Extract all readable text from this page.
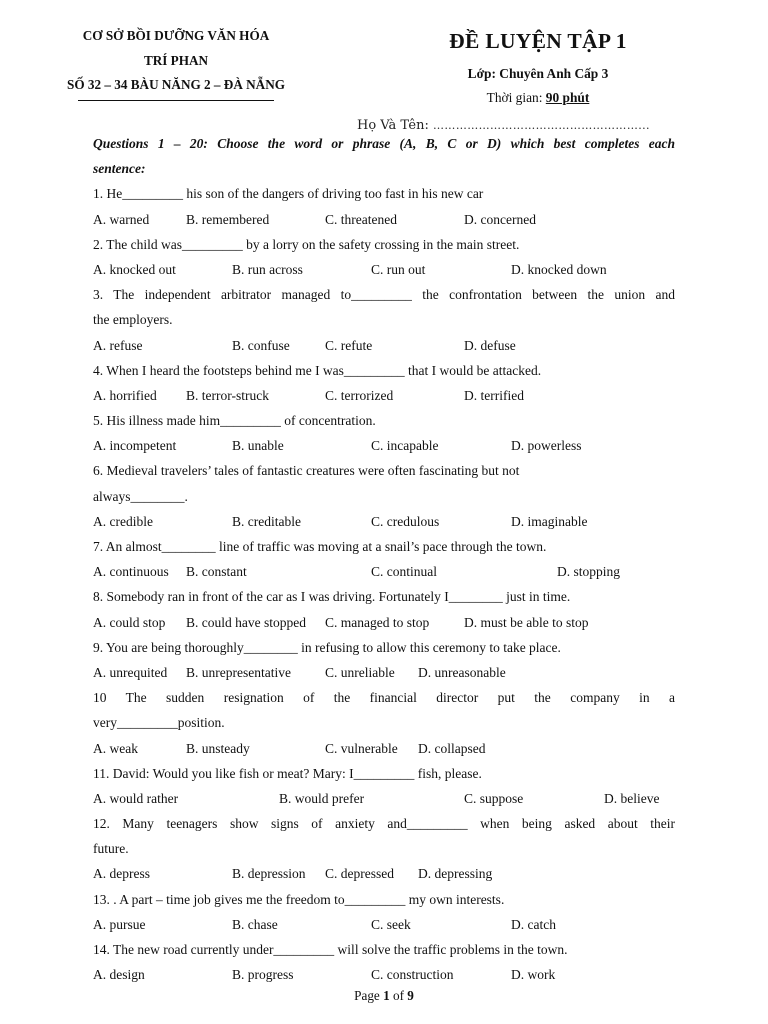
CƠ SỞ BỒI DƯỠNG VĂN HÓA
TRÍ PHAN
SỐ 32 – 34 BÀU NĂNG 2 – ĐÀ NẴNG
ĐỀ LUYỆN TẬP 1
Lớp: Chuyên Anh Cấp 3
Thời gian: 90 phút
Họ Và Tên: ………………………………………………...
Questions 1 – 20: Choose the word or phrase (A, B, C or D) which best completes each
sentence:
1. He_________ his son of the dangers of driving too fast in his new car
A. warned	B. remembered	C. threatened	D. concerned
2. The child was_________ by a lorry on the safety crossing in the main street.
A. knocked out	B. run across	C. run out	D. knocked down
3. The independent arbitrator managed to_________ the confrontation between the union and
the employers.
A. refuse	B. confuse	C. refute	D. defuse
4. When I heard the footsteps behind me I was_________ that I would be attacked.
A. horrified B. terror-struck	C. terrorized	D. terrified
5. His illness made him_________ of concentration.
A. incompetent	B. unable	C. incapable	D. powerless
6. Medieval travelers’ tales of fantastic creatures were often fascinating but not
always________.
A. credible	B. creditable	C. credulous	D. imaginable
7. An almost________ line of traffic was moving at a snail’s pace through the town.
A. continuous B. constant	C. continual	D. stopping
8. Somebody ran in front of the car as I was driving. Fortunately I________ just in time.
A. could stop B. could have stopped C. managed to stop	D. must be able to stop
9. You are being thoroughly________ in refusing to allow this ceremony to take place.
A. unrequited B. unrepresentative	C. unreliable D. unreasonable
10 The sudden resignation of the financial director put the company in a
very_________position.
A. weak	B. unsteady	C. vulnerable D. collapsed
11. David: Would you like fish or meat? Mary: I_________ fish, please.
A. would rather	B. would prefer	C. suppose	D. believe
12. Many teenagers show signs of anxiety and_________ when being asked about their
future.
A. depress	B. depression C. depressed D. depressing
13. . A part – time job gives me the freedom to_________ my own interests.
A. pursue	B. chase	C. seek	D. catch
14. The new road currently under_________ will solve the traffic problems in the town.
A. design	B. progress	C. construction	D. work
Page 1 of 9
